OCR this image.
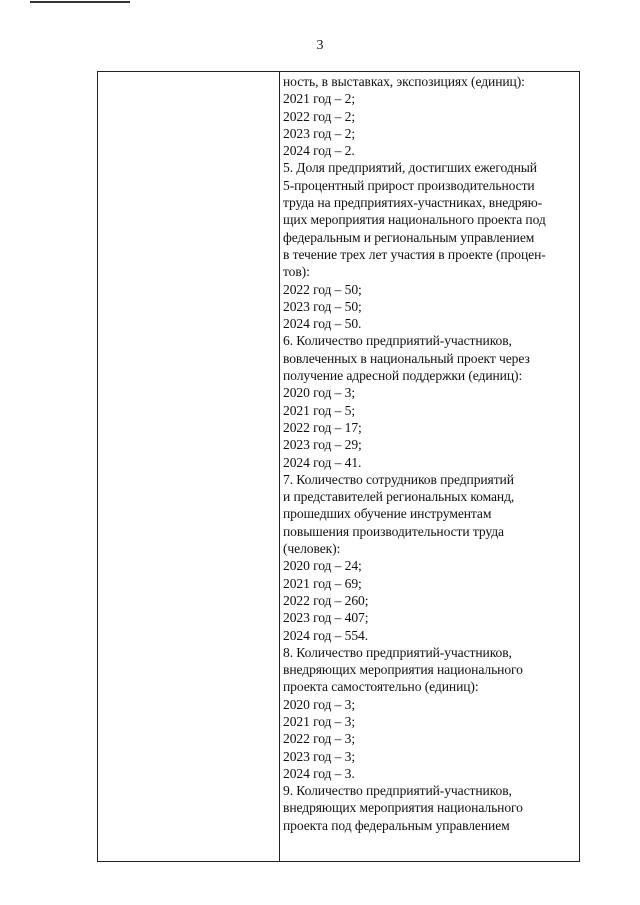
3
ность, в выставках, экспозициях (единиц):
2021 год – 2;
2022 год – 2;
2023 год – 2;
2024 год – 2.
5. Доля предприятий, достигших ежегодный
5-процентный прирост производительности
труда на предприятиях-участниках, внедряю-
щих мероприятия национального проекта под
федеральным и региональным управлением
в течение трех лет участия в проекте (процен-
тов):
2022 год – 50;
2023 год – 50;
2024 год – 50.
6. Количество предприятий-участников,
вовлеченных в национальный проект через
получение адресной поддержки (единиц):
2020 год – 3;
2021 год – 5;
2022 год – 17;
2023 год – 29;
2024 год – 41.
7. Количество сотрудников предприятий
и представителей региональных команд,
прошедших обучение инструментам
повышения производительности труда
(человек):
2020 год – 24;
2021 год – 69;
2022 год – 260;
2023 год – 407;
2024 год – 554.
8. Количество предприятий-участников,
внедряющих мероприятия национального
проекта самостоятельно (единиц):
2020 год – 3;
2021 год – 3;
2022 год – 3;
2023 год – 3;
2024 год – 3.
9. Количество предприятий-участников,
внедряющих мероприятия национального
проекта под федеральным управлением
